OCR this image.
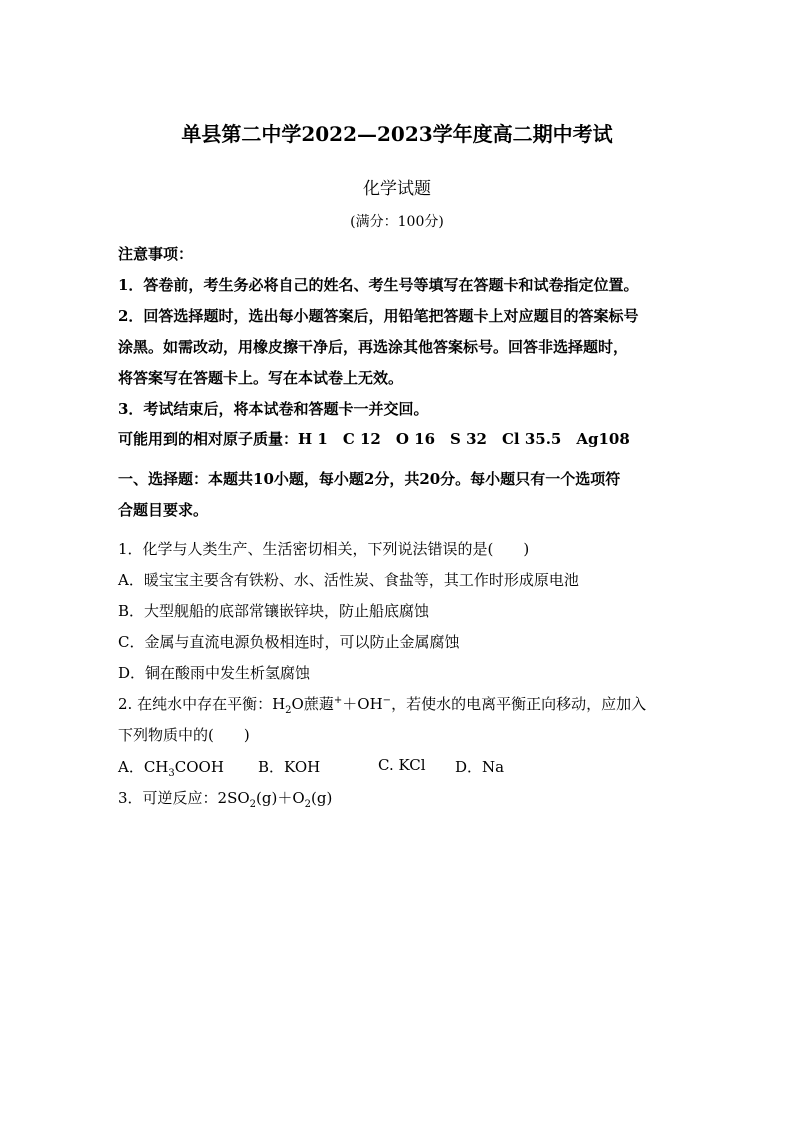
单县第二中学2022—2023学年度高二期中考试
化学试题
(满分：100分)
注意事项：
1．答卷前，考生务必将自己的姓名、考生号等填写在答题卡和试卷指定位置。
2．回答选择题时，选出每小题答案后，用铅笔把答题卡上对应题目的答案标号
涂黑。如需改动，用橡皮擦干净后，再选涂其他答案标号。回答非选择题时，
将答案写在答题卡上。写在本试卷上无效。
3．考试结束后，将本试卷和答题卡一并交回。
可能用到的相对原子质量：H 1　C 12　O 16　S 32　Cl 35.5　Ag108
一、选择题：本题共10小题，每小题2分，共20分。每小题只有一个选项符
合题目要求。
1．化学与人类生产、生活密切相关，下列说法错误的是(　　)
A．暖宝宝主要含有铁粉、水、活性炭、食盐等，其工作时形成原电池
B．大型舰船的底部常镶嵌锌块，防止船底腐蚀
C．金属与直流电源负极相连时，可以防止金属腐蚀
D．铜在酸雨中发生析氢腐蚀
2. 在纯水中存在平衡：$H_2O$蔗蕸+＋OH−，若使水的电离平衡正向移动，应加入
下列物质中的(　　)
A．$CH_3COOH$ B．KOH	C. KCl D．Na
3．可逆反应：$2SO_2(g)+O_2(g)$
